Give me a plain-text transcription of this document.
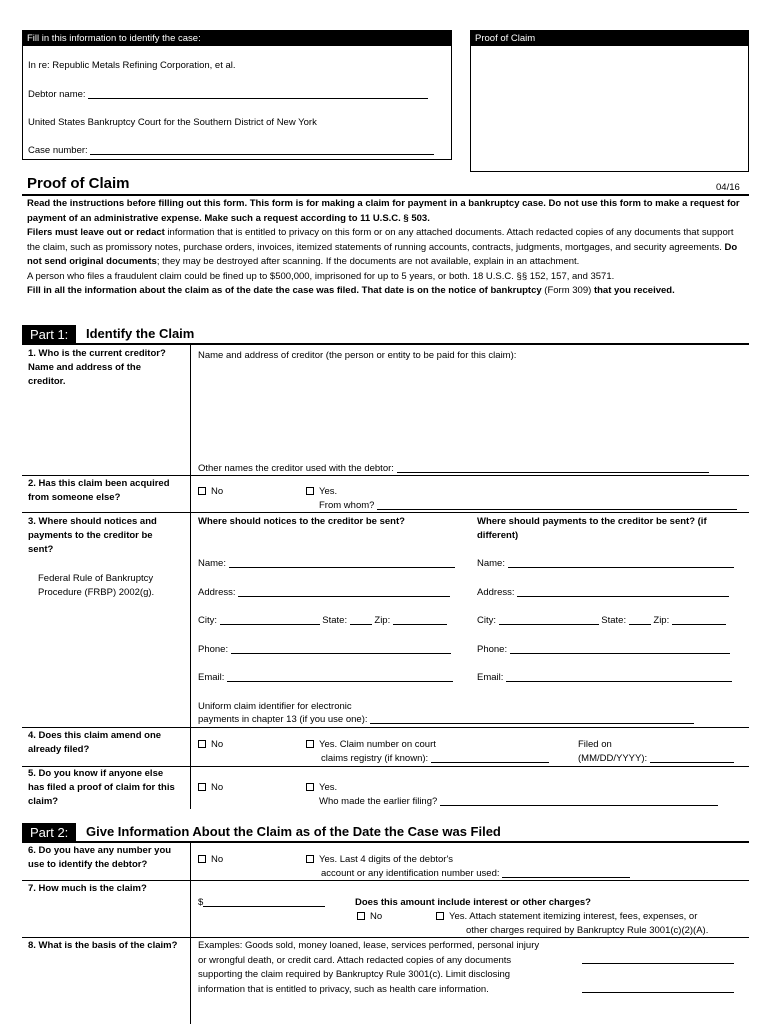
Fill in this information to identify the case:
In re: Republic Metals Refining Corporation, et al.
Debtor name:
United States Bankruptcy Court for the Southern District of New York
Case number:
Proof of Claim
Proof of Claim	04/16
Read the instructions before filling out this form. This form is for making a claim for payment in a bankruptcy case. Do not use this form to make a request for payment of an administrative expense. Make such a request according to 11 U.S.C. § 503.
Filers must leave out or redact information that is entitled to privacy on this form or on any attached documents. Attach redacted copies of any documents that support the claim, such as promissory notes, purchase orders, invoices, itemized statements of running accounts, contracts, judgments, mortgages, and security agreements. Do not send original documents; they may be destroyed after scanning. If the documents are not available, explain in an attachment.
A person who files a fraudulent claim could be fined up to $500,000, imprisoned for up to 5 years, or both. 18 U.S.C. §§ 152, 157, and 3571.
Fill in all the information about the claim as of the date the case was filed. That date is on the notice of bankruptcy (Form 309) that you received.
Part 1:	Identify the Claim
1. Who is the current creditor? Name and address of the creditor.
Name and address of creditor (the person or entity to be paid for this claim):
Other names the creditor used with the debtor:
2. Has this claim been acquired from someone else?
No	Yes.
From whom?
3. Where should notices and payments to the creditor be sent?
Federal Rule of Bankruptcy Procedure (FRBP) 2002(g).
Where should notices to the creditor be sent?	Where should payments to the creditor be sent? (if different)
Name:
Address:
City:	State:	Zip:
Phone:
Email:
Name:
Address:
City:	State:	Zip:
Phone:
Email:
Uniform claim identifier for electronic
payments in chapter 13 (if you use one):
4. Does this claim amend one already filed?	No	Yes. Claim number on court
claims registry (if known):
Filed on
(MM/DD/YYYY):
5. Do you know if anyone else has filed a proof of claim for this claim?
No	Yes.
Who made the earlier filing?
Part 2:	Give Information About the Claim as of the Date the Case was Filed
6. Do you have any number you use to identify the debtor?	No	Yes. Last 4 digits of the debtor's
account or any identification number used:
7. How much is the claim?
$	Does this amount include interest or other charges?
No	Yes. Attach statement itemizing interest, fees, expenses, or
other charges required by Bankruptcy Rule 3001(c)(2)(A).
8. What is the basis of the claim? Examples: Goods sold, money loaned, lease, services performed, personal injury
or wrongful death, or credit card. Attach redacted copies of any documents
supporting the claim required by Bankruptcy Rule 3001(c). Limit disclosing
information that is entitled to privacy, such as health care information.
